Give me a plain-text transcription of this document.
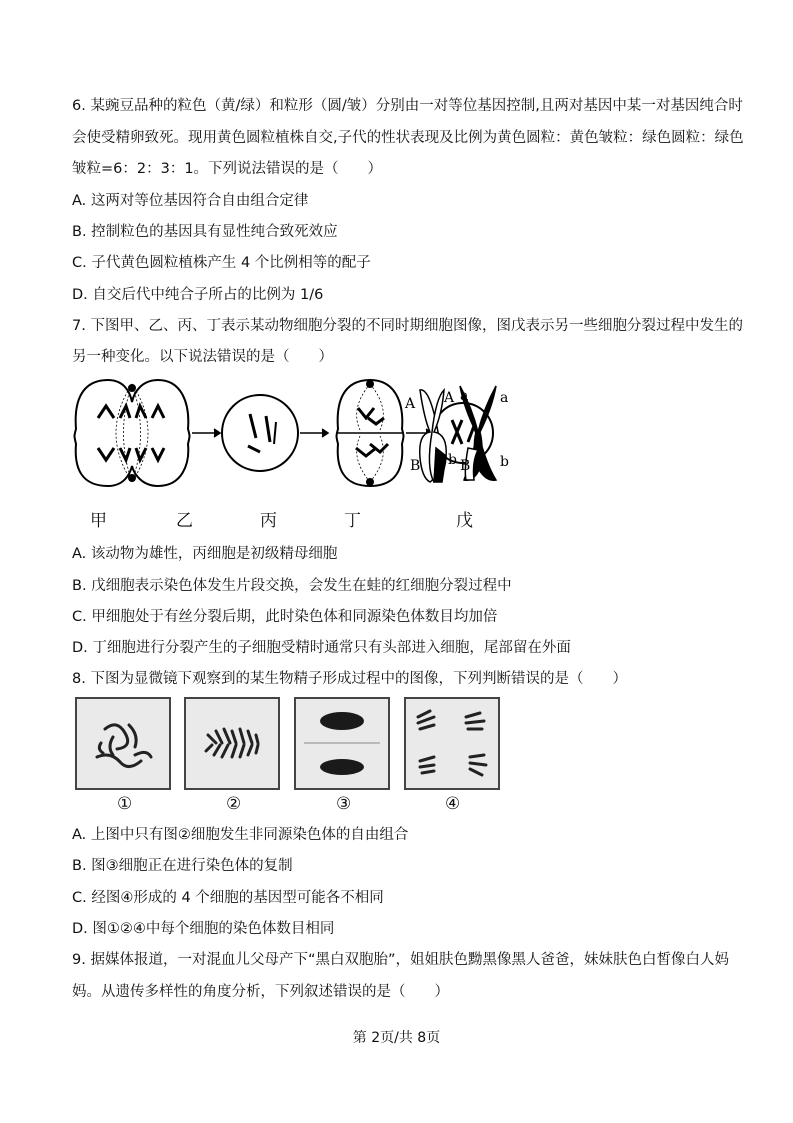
6. 某豌豆品种的粒色（黄/绿）和粒形（圆/皱）分别由一对等位基因控制,且两对基因中某一对基因纯合时
会使受精卵致死。现用黄色圆粒植株自交,子代的性状表现及比例为黄色圆粒：黄色皱粒：绿色圆粒：绿色
皱粒=6：2：3：1。下列说法错误的是（　　）
A. 这两对等位基因符合自由组合定律
B. 控制粒色的基因具有显性纯合致死效应
C. 子代黄色圆粒植株产生 4 个比例相等的配子
D. 自交后代中纯合子所占的比例为 1/6
7. 下图甲、乙、丙、丁表示某动物细胞分裂的不同时期细胞图像，图戊表示另一些细胞分裂过程中发生的
另一种变化。以下说法错误的是（　　）
A A a a
B b B b
甲	乙	丙	丁	戊
A. 该动物为雄性，丙细胞是初级精母细胞
B. 戊细胞表示染色体发生片段交换，会发生在蛙的红细胞分裂过程中
C. 甲细胞处于有丝分裂后期，此时染色体和同源染色体数目均加倍
D. 丁细胞进行分裂产生的子细胞受精时通常只有头部进入细胞，尾部留在外面
8. 下图为显微镜下观察到的某生物精子形成过程中的图像，下列判断错误的是（　　）
①	②	③	④
A. 上图中只有图②细胞发生非同源染色体的自由组合
B. 图③细胞正在进行染色体的复制
C. 经图④形成的 4 个细胞的基因型可能各不相同
D. 图①②④中每个细胞的染色体数目相同
9. 据媒体报道，一对混血儿父母产下“黑白双胞胎”，姐姐肤色黝黑像黑人爸爸，妹妹肤色白皙像白人妈
妈。从遗传多样性的角度分析，下列叙述错误的是（　　）
第 2页/共 8页
